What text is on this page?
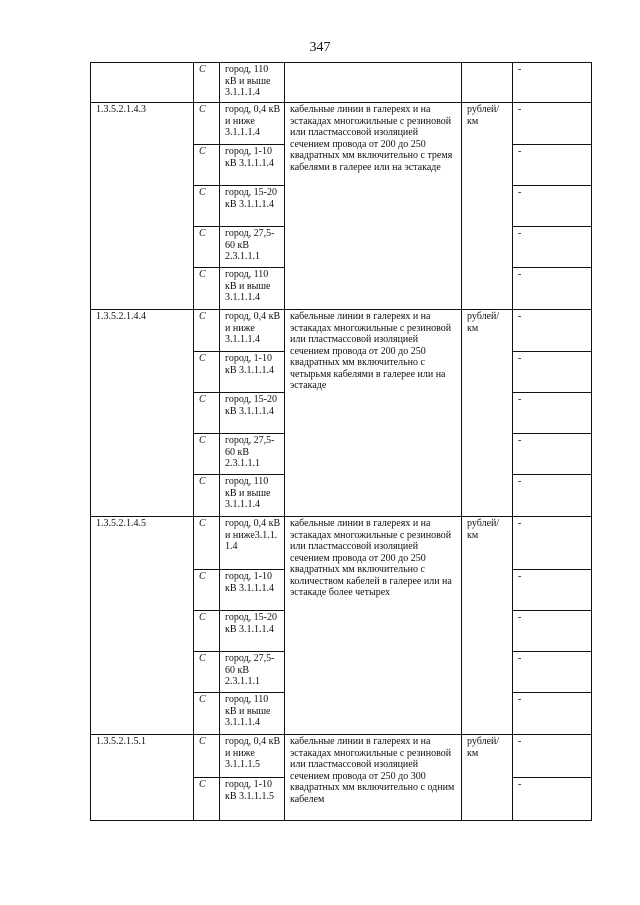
347
	C	город, 110 кВ и выше 3.1.1.1.4			-
1.3.5.2.1.4.3	C	город, 0,4 кВ и ниже 3.1.1.1.4	кабельные линии в галереях и на эстакадах многожильные с резиновой или пластмассовой изоляцией сечением провода от 200 до 250 квадратных мм включительно с тремя кабелями в галерее или на эстакаде	рублей/ км	-
	C	город, 1-10 кВ 3.1.1.1.4			-
	C	город, 15-20 кВ 3.1.1.1.4			-
	C	город, 27,5-60 кВ 2.3.1.1.1			-
	C	город, 110 кВ и выше 3.1.1.1.4			-
1.3.5.2.1.4.4	C	город, 0,4 кВ и ниже 3.1.1.1.4	кабельные линии в галереях и на эстакадах многожильные с резиновой или пластмассовой изоляцией сечением провода от 200 до 250 квадратных мм включительно с четырьмя кабелями в галерее или на эстакаде	рублей/ км	-
	C	город, 1-10 кВ 3.1.1.1.4			-
	C	город, 15-20 кВ 3.1.1.1.4			-
	C	город, 27,5-60 кВ 2.3.1.1.1			-
	C	город, 110 кВ и выше 3.1.1.1.4			-
1.3.5.2.1.4.5	C	город, 0,4 кВ и ниже3.1.1. 1.4	кабельные линии в галереях и на эстакадах многожильные с резиновой или пластмассовой изоляцией сечением провода от 200 до 250 квадратных мм включительно с количеством кабелей в галерее или на эстакаде более четырех	рублей/ км	-
	C	город, 1-10 кВ 3.1.1.1.4			-
	C	город, 15-20 кВ 3.1.1.1.4			-
	C	город, 27,5-60 кВ 2.3.1.1.1			-
	C	город, 110 кВ и выше 3.1.1.1.4			-
1.3.5.2.1.5.1	C	город, 0,4 кВ и ниже 3.1.1.1.5	кабельные линии в галереях и на эстакадах многожильные с резиновой или пластмассовой изоляцией сечением провода от 250 до 300 квадратных мм включительно с одним кабелем	рублей/ км	-
	C	город, 1-10 кВ 3.1.1.1.5			-
